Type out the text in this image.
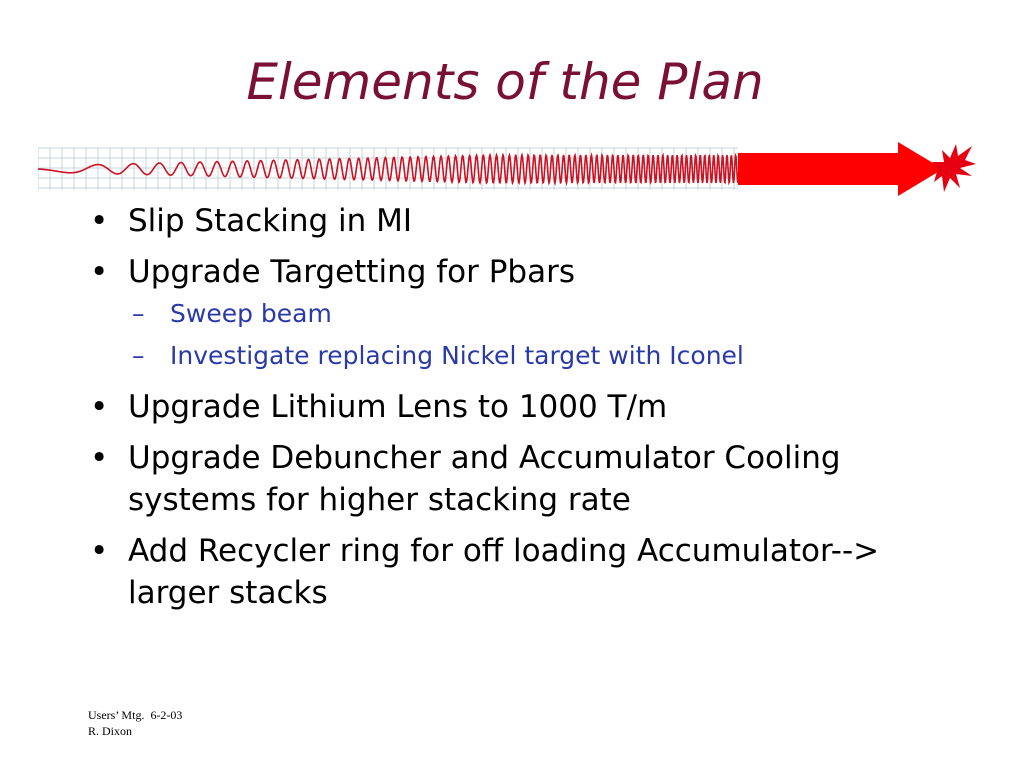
Elements of the Plan
• Slip Stacking in MI
• Upgrade Targetting for Pbars
– Sweep beam
– Investigate replacing Nickel target with Iconel
• Upgrade Lithium Lens to 1000 T/m
• Upgrade Debuncher and Accumulator Cooling systems for higher stacking rate
• Add Recycler ring for off loading Accumulator--> larger stacks
Users’ Mtg.  6-2-03
R. Dixon
